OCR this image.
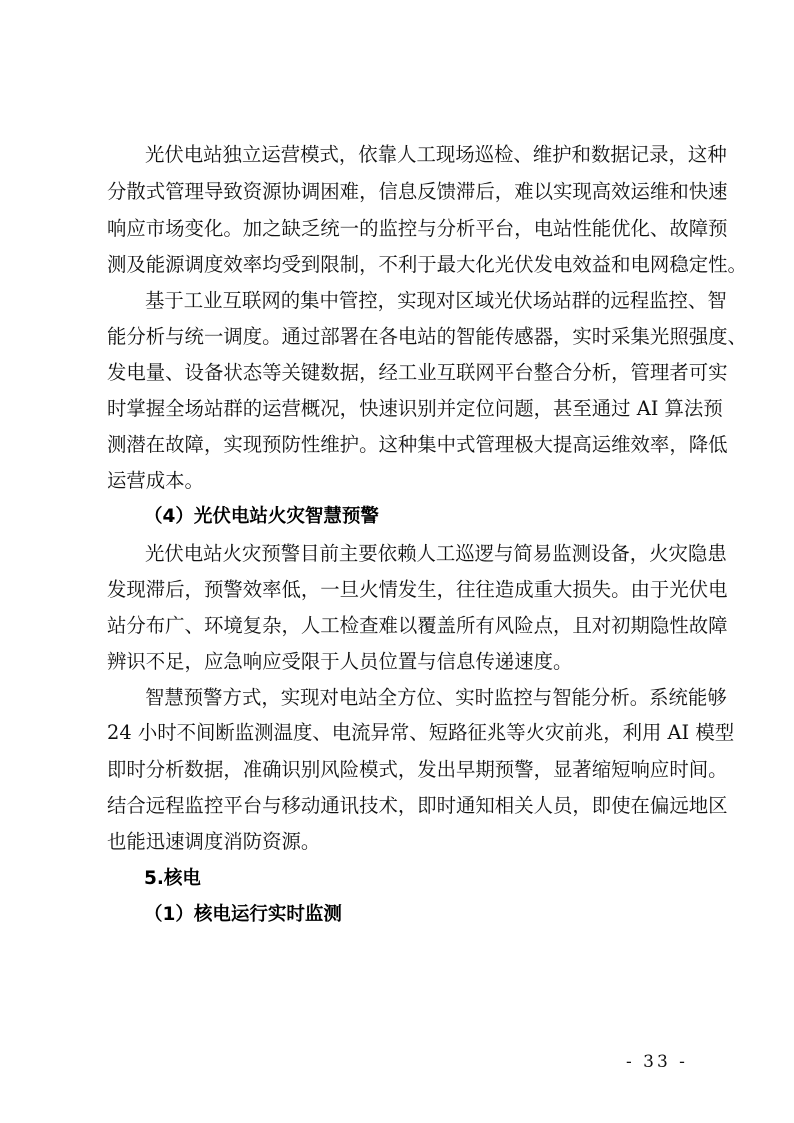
光伏电站独立运营模式，依靠人工现场巡检、维护和数据记录，这种
分散式管理导致资源协调困难，信息反馈滞后，难以实现高效运维和快速
响应市场变化。加之缺乏统一的监控与分析平台，电站性能优化、故障预
测及能源调度效率均受到限制，不利于最大化光伏发电效益和电网稳定性。
基于工业互联网的集中管控，实现对区域光伏场站群的远程监控、智
能分析与统一调度。通过部署在各电站的智能传感器，实时采集光照强度、
发电量、设备状态等关键数据，经工业互联网平台整合分析，管理者可实
时掌握全场站群的运营概况，快速识别并定位问题，甚至通过 AI 算法预
测潜在故障，实现预防性维护。这种集中式管理极大提高运维效率，降低
运营成本。
（4）光伏电站火灾智慧预警
光伏电站火灾预警目前主要依赖人工巡逻与简易监测设备，火灾隐患
发现滞后，预警效率低，一旦火情发生，往往造成重大损失。由于光伏电
站分布广、环境复杂，人工检查难以覆盖所有风险点，且对初期隐性故障
辨识不足，应急响应受限于人员位置与信息传递速度。
智慧预警方式，实现对电站全方位、实时监控与智能分析。系统能够
24 小时不间断监测温度、电流异常、短路征兆等火灾前兆，利用 AI 模型
即时分析数据，准确识别风险模式，发出早期预警，显著缩短响应时间。
结合远程监控平台与移动通讯技术，即时通知相关人员，即使在偏远地区
也能迅速调度消防资源。
5.核电
（1）核电运行实时监测
- 33 -
